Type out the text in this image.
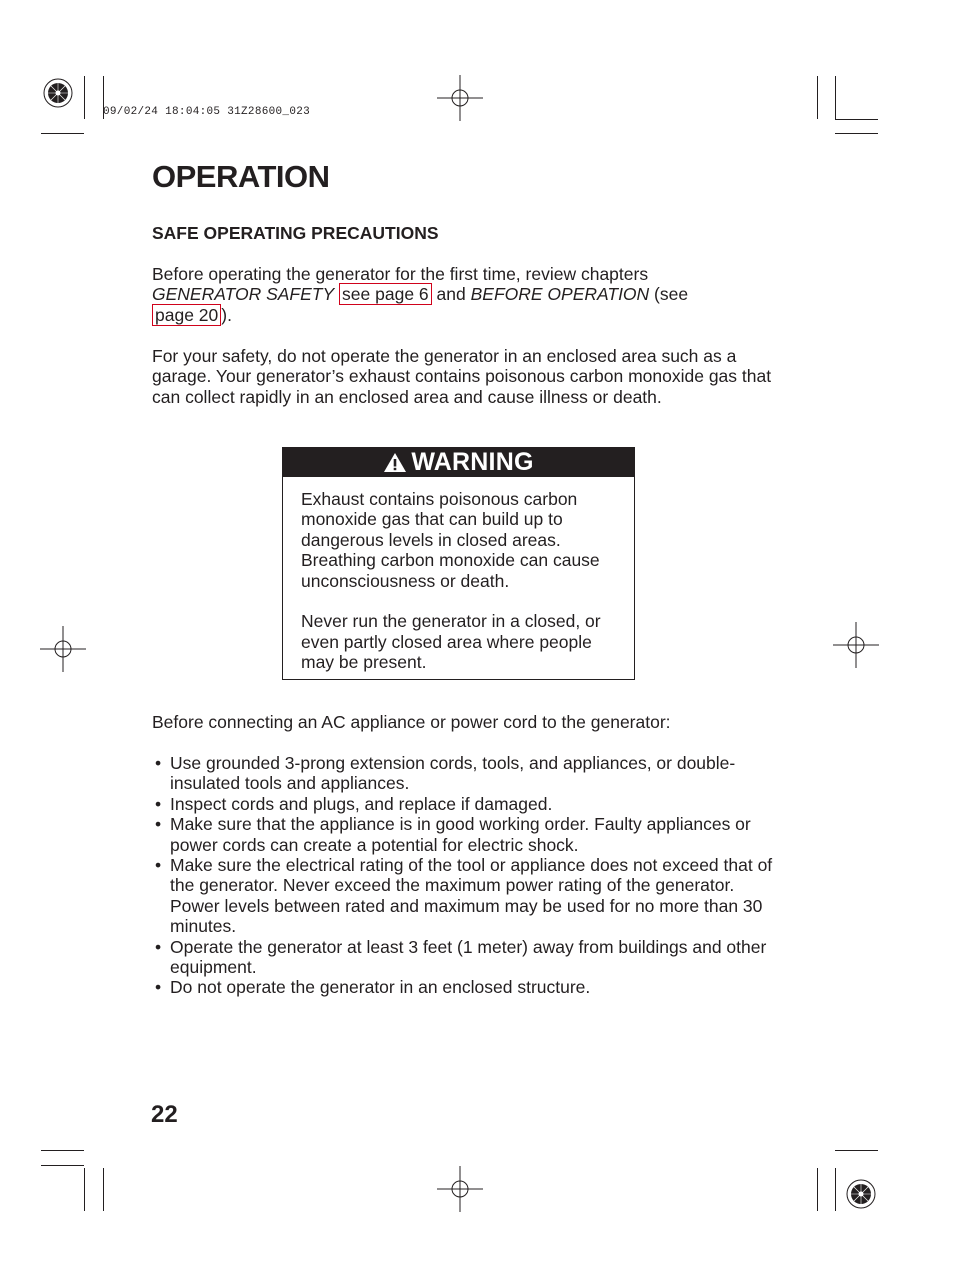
09/02/24 18:04:05 31Z28600_023
OPERATION
SAFE OPERATING PRECAUTIONS

Before operating the generator for the first time, review chapters
GENERATOR SAFETY see page 6 and BEFORE OPERATION (see
page 20 ).

For your safety, do not operate the generator in an enclosed area such as a garage. Your generator’s exhaust contains poisonous carbon monoxide gas that can collect rapidly in an enclosed area and cause illness or death.

WARNING

Exhaust contains poisonous carbon monoxide gas that can build up to dangerous levels in closed areas. Breathing carbon monoxide can cause unconsciousness or death.

Never run the generator in a closed, or even partly closed area where people may be present.

Before connecting an AC appliance or power cord to the generator:

• Use grounded 3-prong extension cords, tools, and appliances, or double-insulated tools and appliances.
• Inspect cords and plugs, and replace if damaged.
• Make sure that the appliance is in good working order. Faulty appliances or power cords can create a potential for electric shock.
• Make sure the electrical rating of the tool or appliance does not exceed that of the generator. Never exceed the maximum power rating of the generator. Power levels between rated and maximum may be used for no more than 30 minutes.
• Operate the generator at least 3 feet (1 meter) away from buildings and other equipment.
• Do not operate the generator in an enclosed structure.
22
